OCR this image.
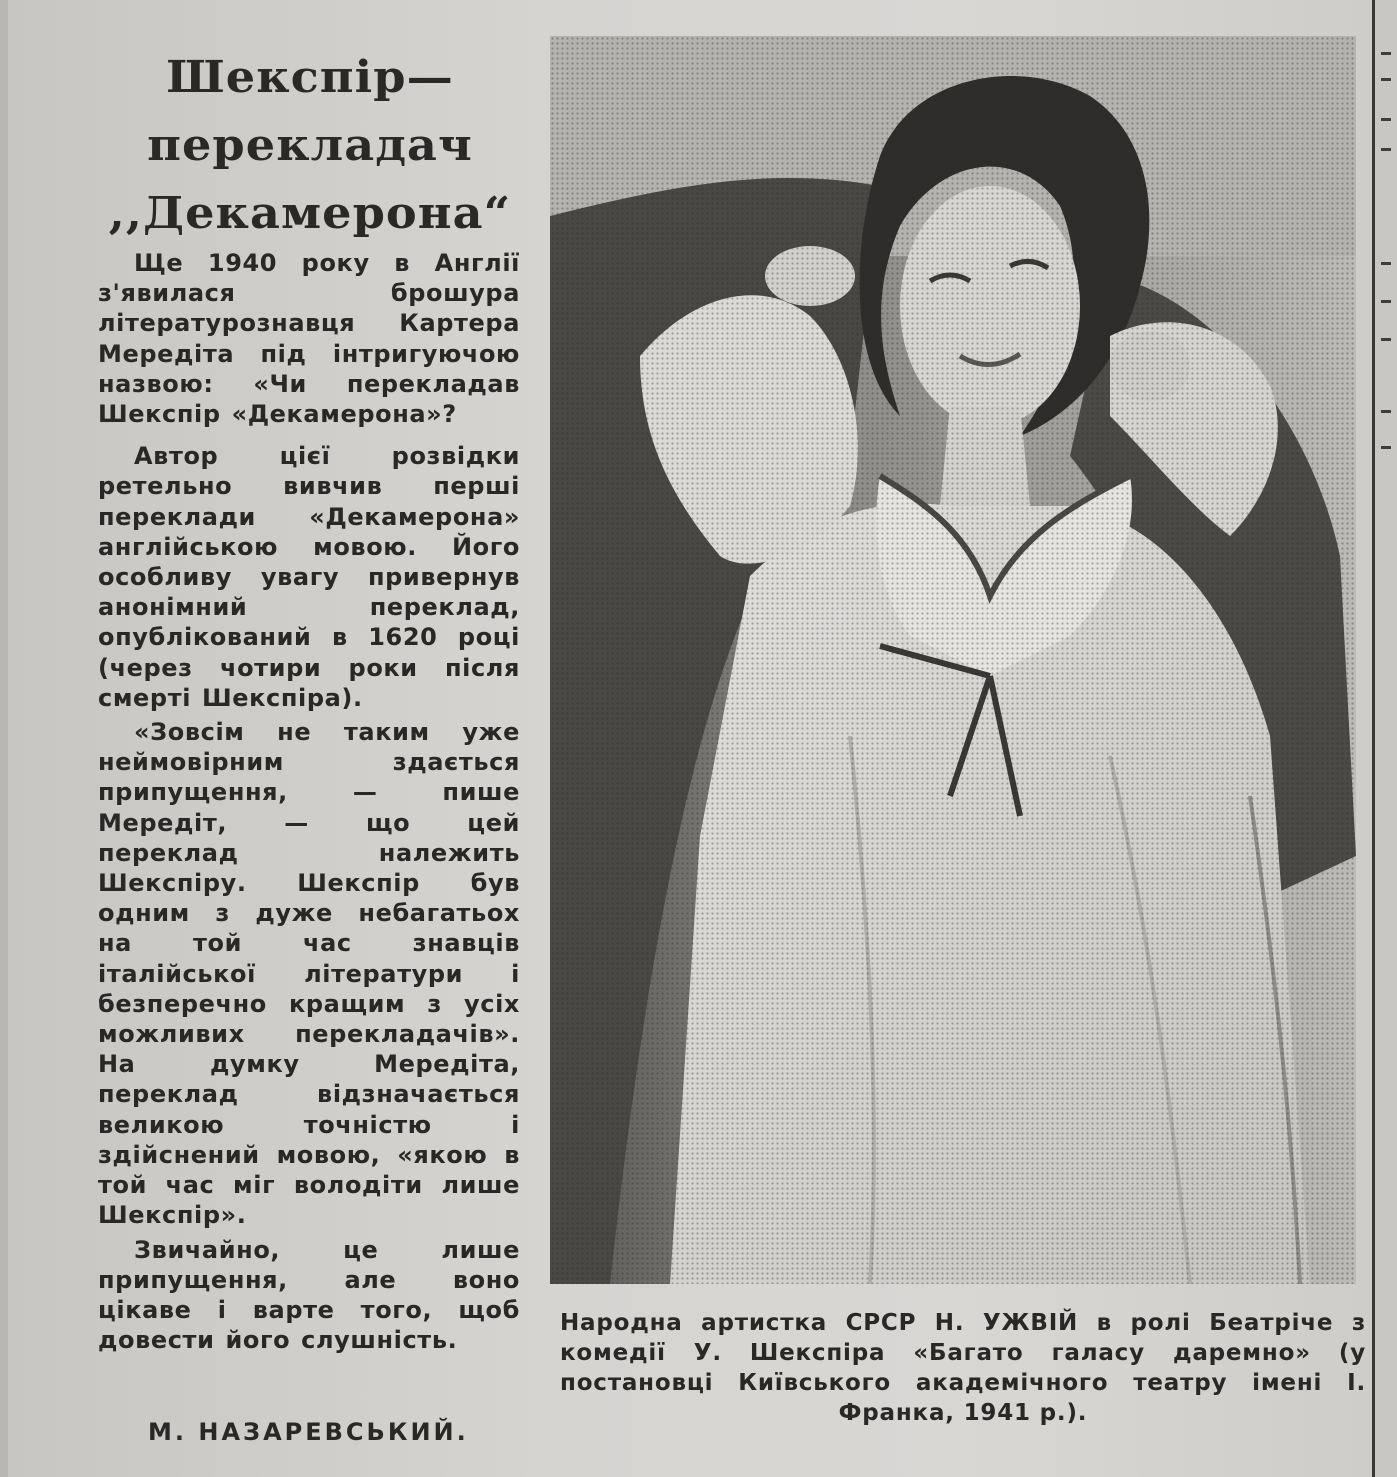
Шекспір—
перекладач
,,Декамерона“

Ще 1940 року в Англії з'явилася брошура літературознавця Картера Мередіта під інтригуючою назвою: «Чи перекладав Шекспір «Декамерона»?

Автор цієї розвідки ретельно вивчив перші переклади «Декамерона» англійською мовою. Його особливу увагу привернув анонімний переклад, опублікований в 1620 році (через чотири роки після смерті Шекспіра).

«Зовсім не таким уже неймовірним здається припущення, — пише Мередіт, — що цей переклад належить Шекспіру. Шекспір був одним з дуже небагатьох на той час знавців італійської літератури і безперечно кращим з усіх можливих перекладачів». На думку Мередіта, переклад відзначається великою точністю і здійснений мовою, «якою в той час міг володіти лише Шекспір».

Звичайно, це лише припущення, але воно цікаве і варте того, щоб довести його слушність.

М. НАЗАРЕВСЬКИЙ.
Народна артистка СРСР Н. УЖВІЙ в ролі Беатріче з комедії У. Шекспіра «Багато галасу даремно» (у постановці Київського академічного театру імені І. Франка, 1941 р.).
